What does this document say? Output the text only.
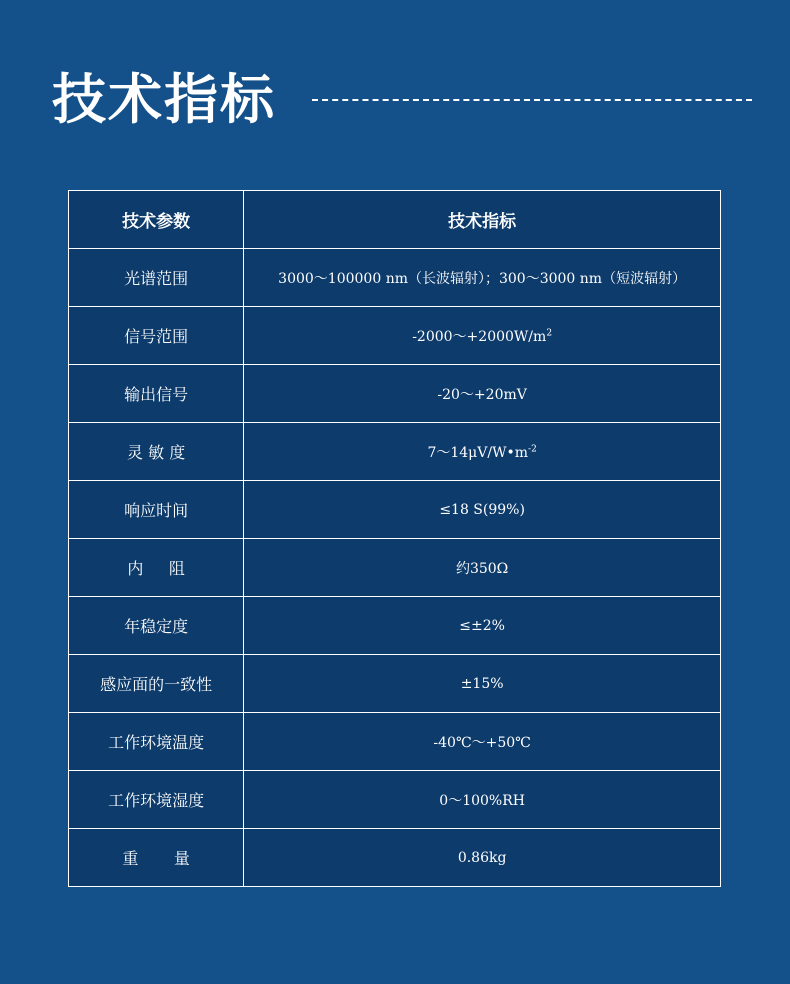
技术指标
技术参数	技术指标
光谱范围	3000～100000 nm（长波辐射）；300～3000 nm（短波辐射）
信号范围	$-2000\sim+2000W/m^2$
输出信号	-20～+20mV
灵 敏 度	$7\sim 14\mu V/W•m^{-2}$
响应时间	≤18 S(99%)
内     阻	约350Ω
年稳定度	≤±2%
感应面的一致性	±15%
工作环境温度	-40℃～+50℃
工作环境湿度	0～100%RH
重       量	0.86kg
